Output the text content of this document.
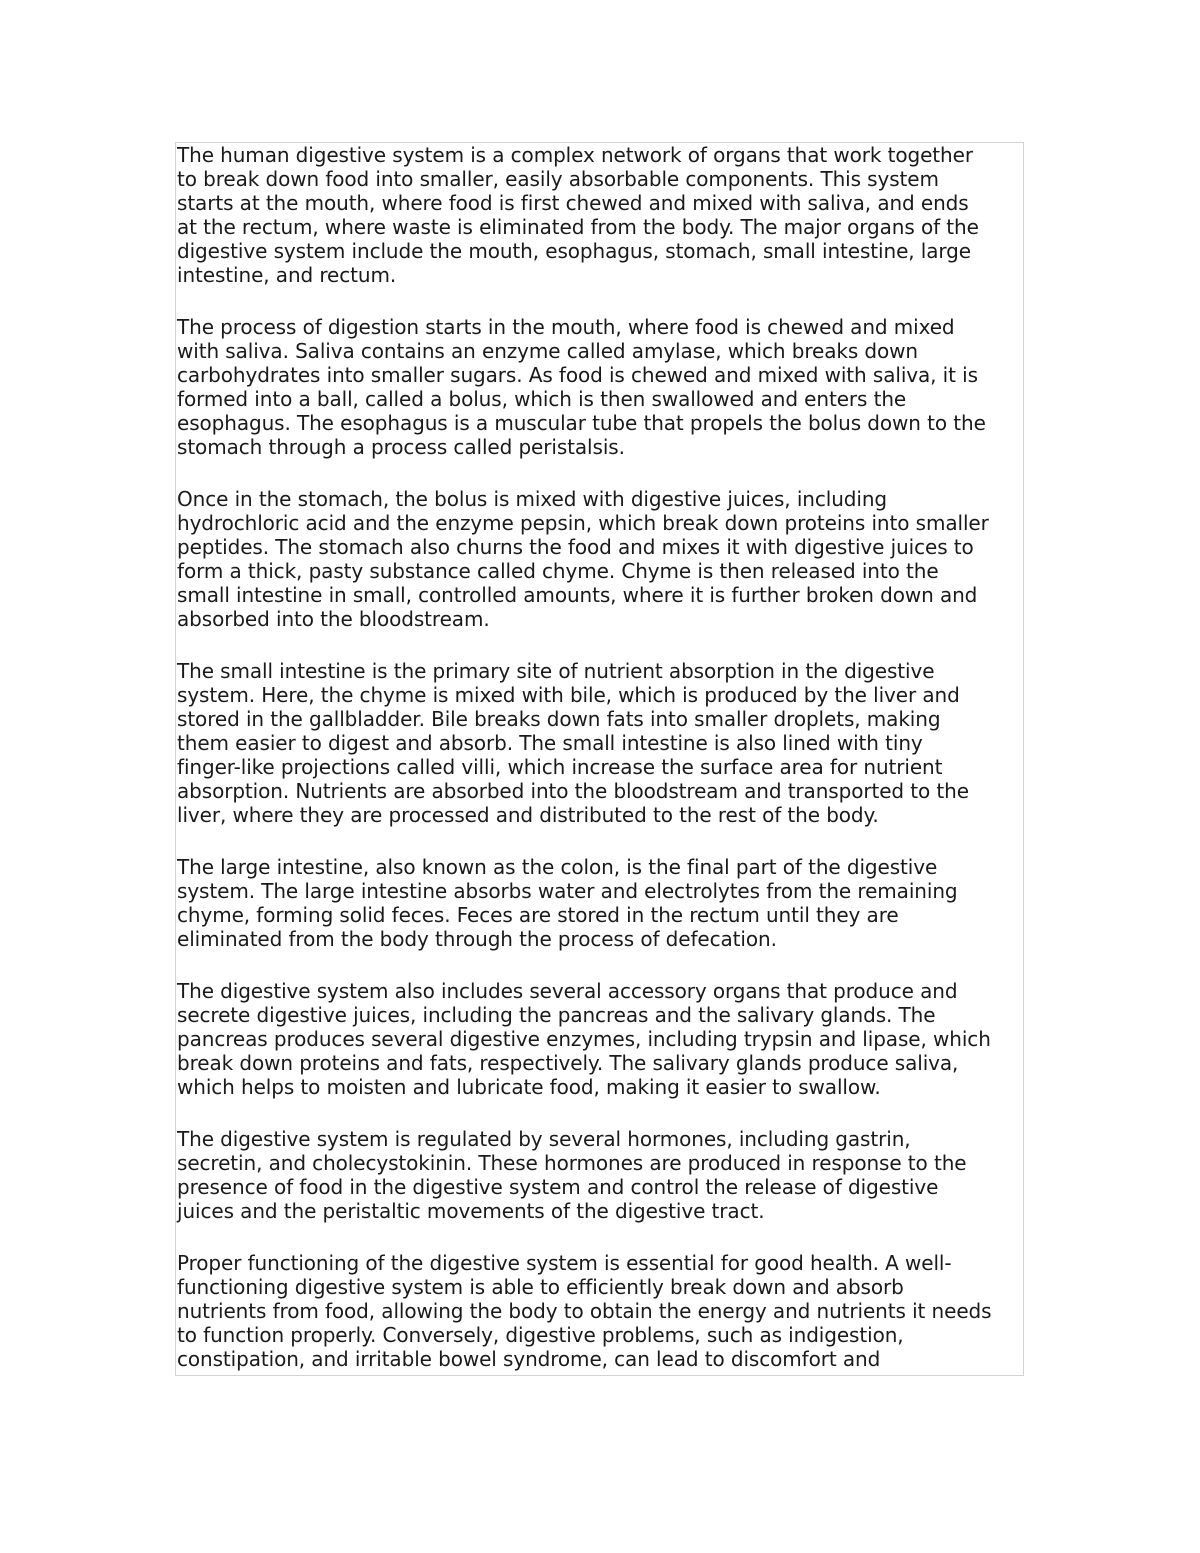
The human digestive system is a complex network of organs that work together
to break down food into smaller, easily absorbable components. This system
starts at the mouth, where food is first chewed and mixed with saliva, and ends
at the rectum, where waste is eliminated from the body. The major organs of the
digestive system include the mouth, esophagus, stomach, small intestine, large
intestine, and rectum.

The process of digestion starts in the mouth, where food is chewed and mixed
with saliva. Saliva contains an enzyme called amylase, which breaks down
carbohydrates into smaller sugars. As food is chewed and mixed with saliva, it is
formed into a ball, called a bolus, which is then swallowed and enters the
esophagus. The esophagus is a muscular tube that propels the bolus down to the
stomach through a process called peristalsis.

Once in the stomach, the bolus is mixed with digestive juices, including
hydrochloric acid and the enzyme pepsin, which break down proteins into smaller
peptides. The stomach also churns the food and mixes it with digestive juices to
form a thick, pasty substance called chyme. Chyme is then released into the
small intestine in small, controlled amounts, where it is further broken down and
absorbed into the bloodstream.

The small intestine is the primary site of nutrient absorption in the digestive
system. Here, the chyme is mixed with bile, which is produced by the liver and
stored in the gallbladder. Bile breaks down fats into smaller droplets, making
them easier to digest and absorb. The small intestine is also lined with tiny
finger-like projections called villi, which increase the surface area for nutrient
absorption. Nutrients are absorbed into the bloodstream and transported to the
liver, where they are processed and distributed to the rest of the body.

The large intestine, also known as the colon, is the final part of the digestive
system. The large intestine absorbs water and electrolytes from the remaining
chyme, forming solid feces. Feces are stored in the rectum until they are
eliminated from the body through the process of defecation.

The digestive system also includes several accessory organs that produce and
secrete digestive juices, including the pancreas and the salivary glands. The
pancreas produces several digestive enzymes, including trypsin and lipase, which
break down proteins and fats, respectively. The salivary glands produce saliva,
which helps to moisten and lubricate food, making it easier to swallow.

The digestive system is regulated by several hormones, including gastrin,
secretin, and cholecystokinin. These hormones are produced in response to the
presence of food in the digestive system and control the release of digestive
juices and the peristaltic movements of the digestive tract.

Proper functioning of the digestive system is essential for good health. A well-
functioning digestive system is able to efficiently break down and absorb
nutrients from food, allowing the body to obtain the energy and nutrients it needs
to function properly. Conversely, digestive problems, such as indigestion,
constipation, and irritable bowel syndrome, can lead to discomfort and
